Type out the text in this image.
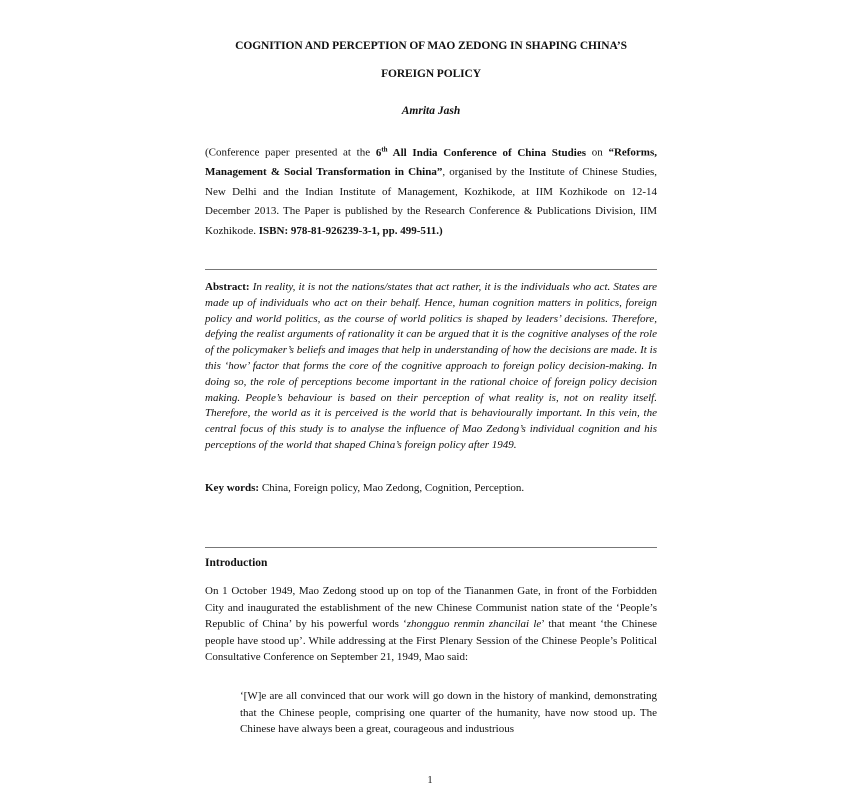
COGNITION AND PERCEPTION OF MAO ZEDONG IN SHAPING CHINA’S
FOREIGN POLICY
Amrita Jash

(Conference paper presented at the 6th All India Conference of China Studies on “Reforms, Management & Social Transformation in China”, organised by the Institute of Chinese Studies, New Delhi and the Indian Institute of Management, Kozhikode, at IIM Kozhikode on 12-14 December 2013. The Paper is published by the Research Conference & Publications Division, IIM Kozhikode. ISBN: 978-81-926239-3-1, pp. 499-511.)

Abstract: In reality, it is not the nations/states that act rather, it is the individuals who act. States are made up of individuals who act on their behalf. Hence, human cognition matters in politics, foreign policy and world politics, as the course of world politics is shaped by leaders’ decisions. Therefore, defying the realist arguments of rationality it can be argued that it is the cognitive analyses of the role of the policymaker’s beliefs and images that help in understanding of how the decisions are made. It is this ‘how’ factor that forms the core of the cognitive approach to foreign policy decision-making. In doing so, the role of perceptions become important in the rational choice of foreign policy decision making. People’s behaviour is based on their perception of what reality is, not on reality itself. Therefore, the world as it is perceived is the world that is behaviourally important. In this vein, the central focus of this study is to analyse the influence of Mao Zedong’s individual cognition and his perceptions of the world that shaped China’s foreign policy after 1949.

Key words: China, Foreign policy, Mao Zedong, Cognition, Perception.

Introduction

On 1 October 1949, Mao Zedong stood up on top of the Tiananmen Gate, in front of the Forbidden City and inaugurated the establishment of the new Chinese Communist nation state of the ‘People’s Republic of China’ by his powerful words ‘zhongguo renmin zhancilai le’ that meant ‘the Chinese people have stood up’. While addressing at the First Plenary Session of the Chinese People’s Political Consultative Conference on September 21, 1949, Mao said:

‘[W]e are all convinced that our work will go down in the history of mankind, demonstrating that the Chinese people, comprising one quarter of the humanity, have now stood up. The Chinese have always been a great, courageous and industrious
1
